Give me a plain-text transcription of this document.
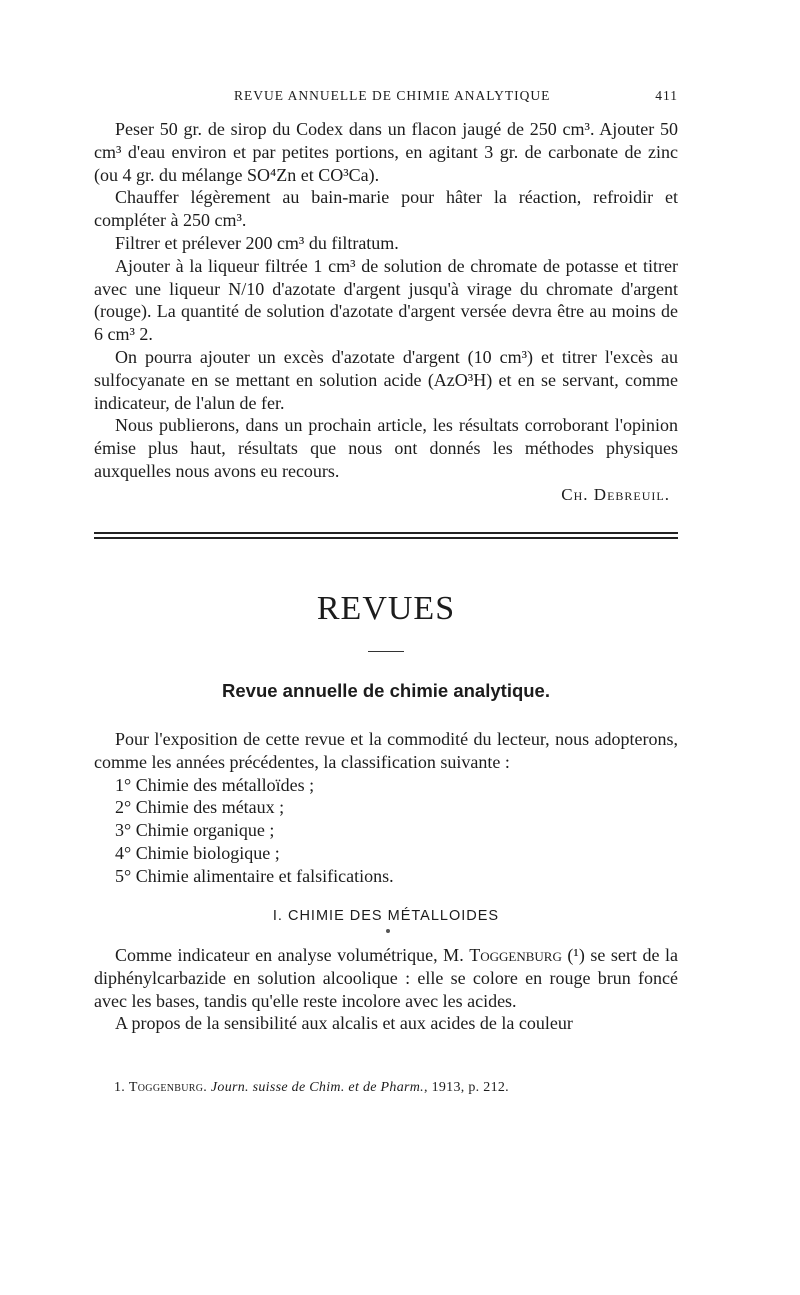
REVUE ANNUELLE DE CHIMIE ANALYTIQUE	411

Peser 50 gr. de sirop du Codex dans un flacon jaugé de 250 cm³. Ajouter 50 cm³ d'eau environ et par petites portions, en agitant 3 gr. de carbonate de zinc (ou 4 gr. du mélange SO⁴Zn et CO³Ca).

Chauffer légèrement au bain-marie pour hâter la réaction, refroidir et compléter à 250 cm³.

Filtrer et prélever 200 cm³ du filtratum.

Ajouter à la liqueur filtrée 1 cm³ de solution de chromate de potasse et titrer avec une liqueur N/10 d'azotate d'argent jusqu'à virage du chromate d'argent (rouge). La quantité de solution d'azotate d'argent versée devra être au moins de 6 cm³ 2.

On pourra ajouter un excès d'azotate d'argent (10 cm³) et titrer l'excès au sulfocyanate en se mettant en solution acide (AzO³H) et en se servant, comme indicateur, de l'alun de fer.

Nous publierons, dans un prochain article, les résultats corroborant l'opinion émise plus haut, résultats que nous ont donnés les méthodes physiques auxquelles nous avons eu recours.

Ch. Debreuil.

REVUES
Revue annuelle de chimie analytique.

Pour l'exposition de cette revue et la commodité du lecteur, nous adopterons, comme les années précédentes, la classification suivante :

1° Chimie des métalloïdes ;
2° Chimie des métaux ;
3° Chimie organique ;
4° Chimie biologique ;
5° Chimie alimentaire et falsifications.
I. CHIMIE DES MÉTALLOIDES

Comme indicateur en analyse volumétrique, M. Toggenburg (¹) se sert de la diphénylcarbazide en solution alcoolique : elle se colore en rouge brun foncé avec les bases, tandis qu'elle reste incolore avec les acides.

A propos de la sensibilité aux alcalis et aux acides de la couleur

1. Toggenburg. Journ. suisse de Chim. et de Pharm., 1913, p. 212.
